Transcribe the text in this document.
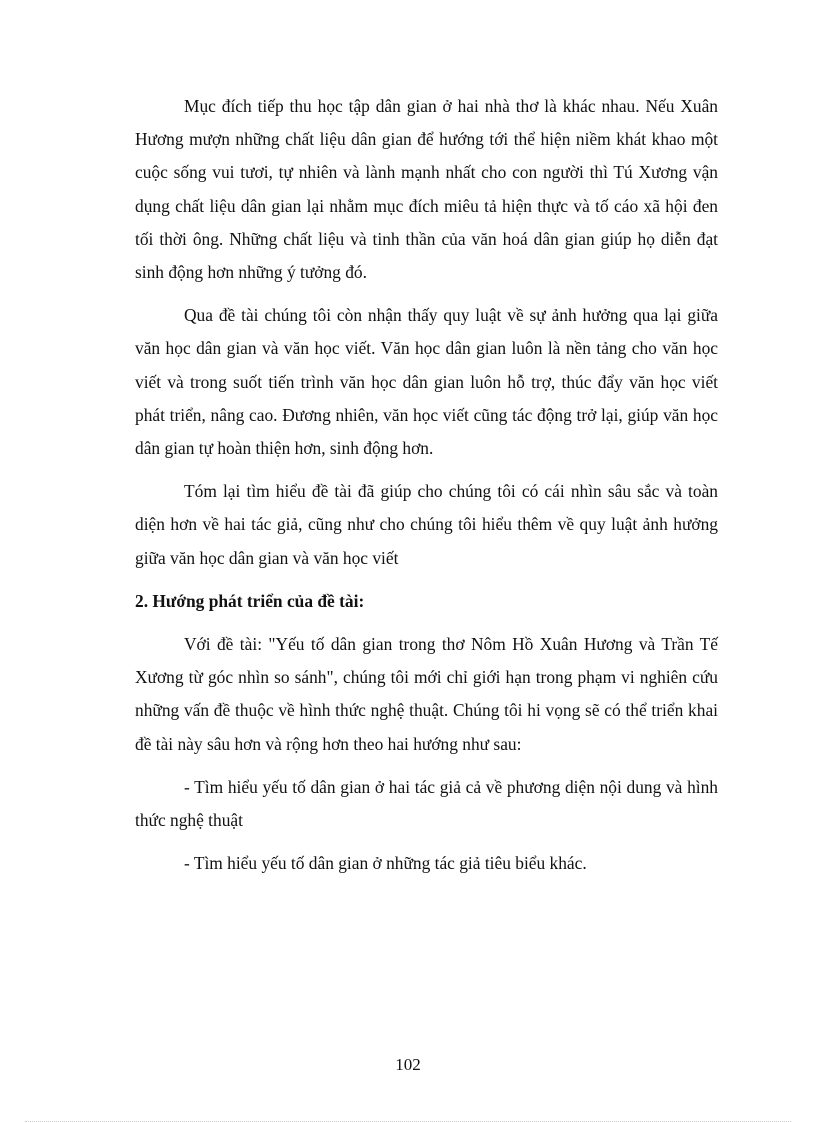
Mục đích tiếp thu học tập dân gian ở hai nhà thơ là khác nhau. Nếu Xuân Hương mượn những chất liệu dân gian để hướng tới thể hiện niềm khát khao một cuộc sống vui tươi, tự nhiên và lành mạnh nhất cho con người thì Tú Xương vận dụng chất liệu dân gian lại nhằm mục đích miêu tả hiện thực và tố cáo xã hội đen tối thời ông. Những chất liệu và tinh thần của văn hoá dân gian giúp họ diễn đạt sinh động hơn những ý tưởng đó.

Qua đề tài chúng tôi còn nhận thấy quy luật về sự ảnh hưởng qua lại giữa văn học dân gian và văn học viết. Văn học dân gian luôn là nền tảng cho văn học viết và trong suốt tiến trình văn học dân gian luôn hỗ trợ, thúc đẩy văn học viết phát triển, nâng cao. Đương nhiên, văn học viết cũng tác động trở lại, giúp văn học dân gian tự hoàn thiện hơn, sinh động hơn.

Tóm lại tìm hiểu đề tài đã giúp cho chúng tôi có cái nhìn sâu sắc và toàn diện hơn về hai tác giả, cũng như cho chúng tôi hiểu thêm về quy luật ảnh hưởng giữa văn học dân gian và văn học viết

2. Hướng phát triển của đề tài:

Với đề tài: "Yếu tố dân gian trong thơ Nôm Hồ Xuân Hương và Trần Tế Xương từ góc nhìn so sánh", chúng tôi mới chỉ giới hạn trong phạm vi nghiên cứu những vấn đề thuộc về hình thức nghệ thuật. Chúng tôi hi vọng sẽ có thể triển khai đề tài này sâu hơn và rộng hơn theo hai hướng như sau:

- Tìm hiểu yếu tố dân gian ở hai tác giả cả về phương diện nội dung và hình thức nghệ thuật

- Tìm hiểu yếu tố dân gian ở những tác giả tiêu biểu khác.

102
